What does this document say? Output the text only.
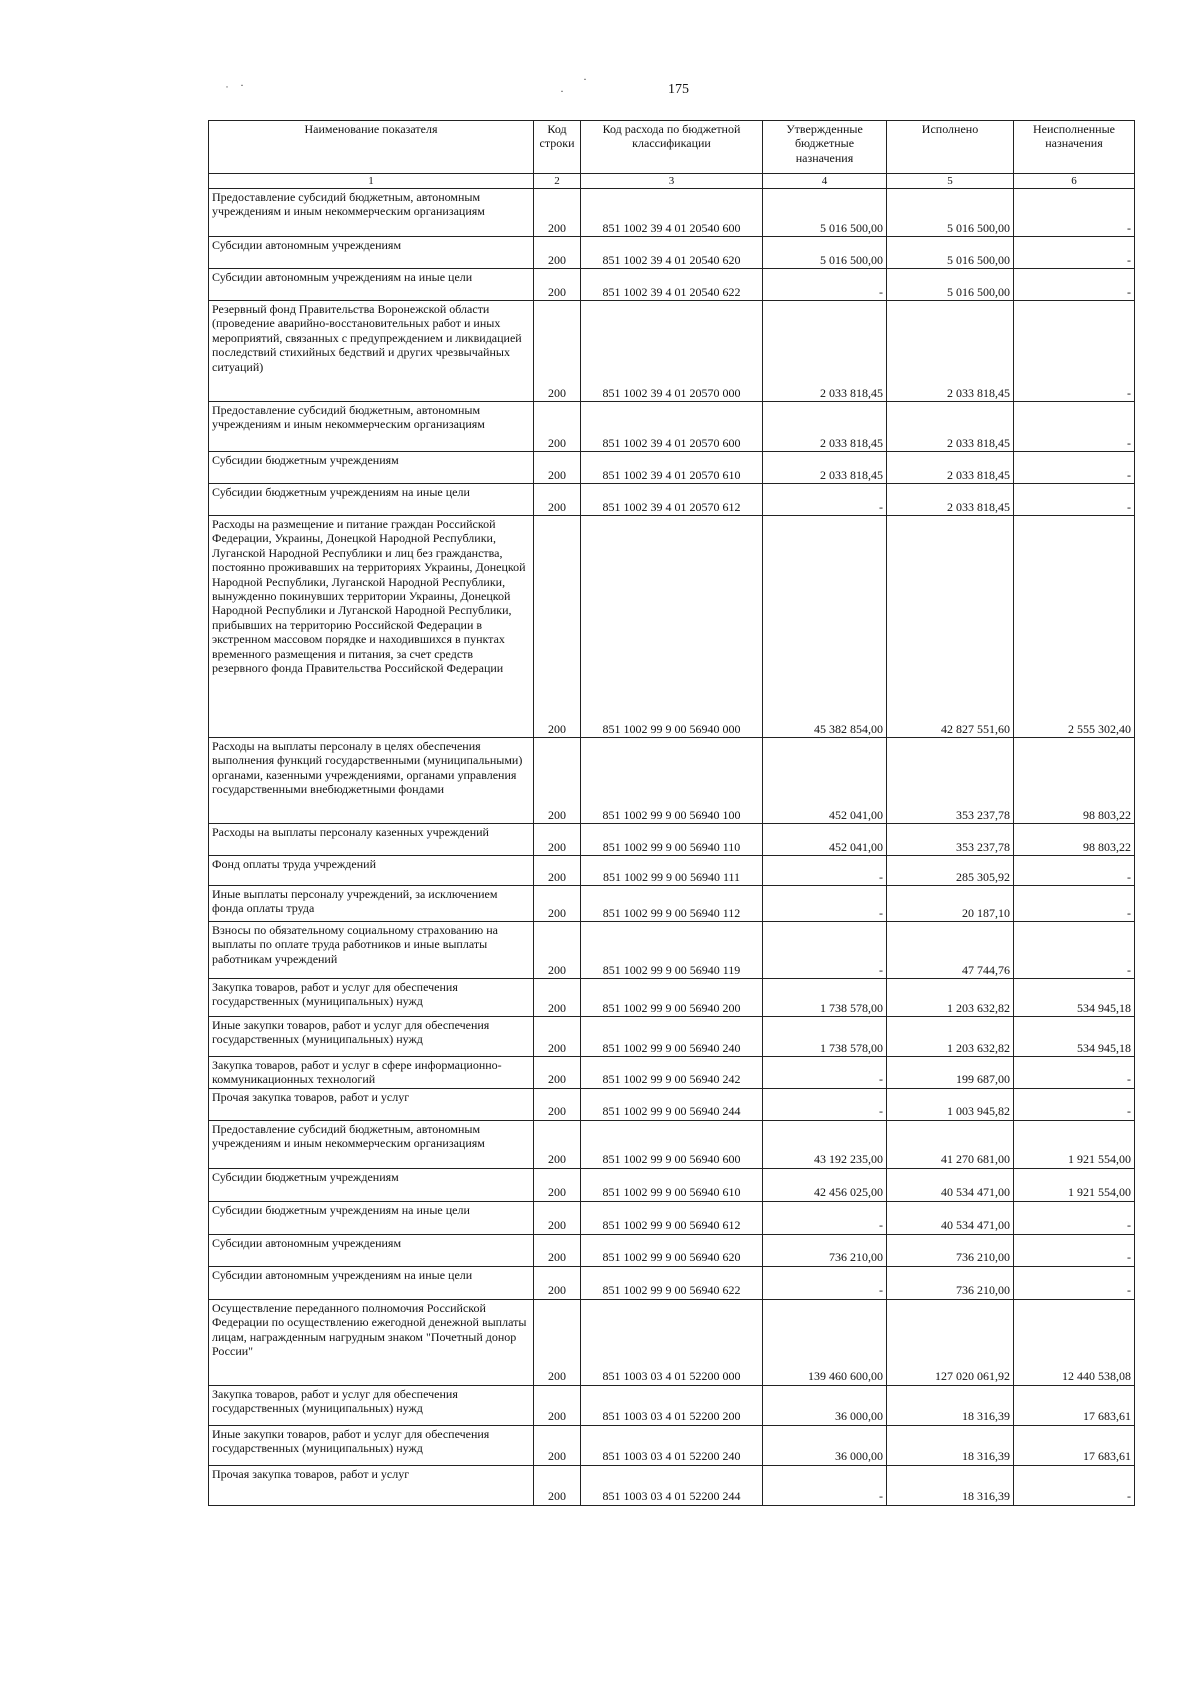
˙ ·	·
·
175
Наименование показателя	Код строки	Код расхода по бюджетной классификации	Утвержденные бюджетные назначения	Исполнено	Неисполненные назначения
1	2	3	4	5	6
Предоставление субсидий бюджетным, автономным учреждениям и иным некоммерческим организациям	200	851 1002 39 4 01 20540 600	5 016 500,00	5 016 500,00	-
Субсидии автономным учреждениям	200	851 1002 39 4 01 20540 620	5 016 500,00	5 016 500,00	-
Субсидии автономным учреждениям на иные цели	200	851 1002 39 4 01 20540 622	-	5 016 500,00	-
Резервный фонд Правительства Воронежской области (проведение аварийно-восстановительных работ и иных мероприятий, связанных с предупреждением и ликвидацией последствий стихийных бедствий и других чрезвычайных ситуаций)	200	851 1002 39 4 01 20570 000	2 033 818,45	2 033 818,45	-
Предоставление субсидий бюджетным, автономным учреждениям и иным некоммерческим организациям	200	851 1002 39 4 01 20570 600	2 033 818,45	2 033 818,45	-
Субсидии бюджетным учреждениям	200	851 1002 39 4 01 20570 610	2 033 818,45	2 033 818,45	-
Субсидии бюджетным учреждениям на иные цели	200	851 1002 39 4 01 20570 612	-	2 033 818,45	-
Расходы на размещение и питание граждан Российской Федерации, Украины, Донецкой Народной Республики, Луганской Народной Республики и лиц без гражданства, постоянно проживавших на территориях Украины, Донецкой Народной Республики, Луганской Народной Республики, вынужденно покинувших территории Украины, Донецкой Народной Республики и Луганской Народной Республики, прибывших на территорию Российской Федерации в экстренном массовом порядке и находившихся в пунктах временного размещения и питания, за счет средств резервного фонда Правительства Российской Федерации	200	851 1002 99 9 00 56940 000	45 382 854,00	42 827 551,60	2 555 302,40
Расходы на выплаты персоналу в целях обеспечения выполнения функций государственными (муниципальными) органами, казенными учреждениями, органами управления государственными внебюджетными фондами	200	851 1002 99 9 00 56940 100	452 041,00	353 237,78	98 803,22
Расходы на выплаты персоналу казенных учреждений	200	851 1002 99 9 00 56940 110	452 041,00	353 237,78	98 803,22
Фонд оплаты труда учреждений	200	851 1002 99 9 00 56940 111	-	285 305,92	-
Иные выплаты персоналу учреждений, за исключением фонда оплаты труда	200	851 1002 99 9 00 56940 112	-	20 187,10	-
Взносы по обязательному социальному страхованию на выплаты по оплате труда работников и иные выплаты работникам учреждений	200	851 1002 99 9 00 56940 119	-	47 744,76	-
Закупка товаров, работ и услуг для обеспечения государственных (муниципальных) нужд	200	851 1002 99 9 00 56940 200	1 738 578,00	1 203 632,82	534 945,18
Иные закупки товаров, работ и услуг для обеспечения государственных (муниципальных) нужд	200	851 1002 99 9 00 56940 240	1 738 578,00	1 203 632,82	534 945,18
Закупка товаров, работ и услуг в сфере информационно-коммуникационных технологий	200	851 1002 99 9 00 56940 242	-	199 687,00	-
Прочая закупка товаров, работ и услуг	200	851 1002 99 9 00 56940 244	-	1 003 945,82	-
Предоставление субсидий бюджетным, автономным учреждениям и иным некоммерческим организациям	200	851 1002 99 9 00 56940 600	43 192 235,00	41 270 681,00	1 921 554,00
Субсидии бюджетным учреждениям	200	851 1002 99 9 00 56940 610	42 456 025,00	40 534 471,00	1 921 554,00
Субсидии бюджетным учреждениям на иные цели	200	851 1002 99 9 00 56940 612	-	40 534 471,00	-
Субсидии автономным учреждениям	200	851 1002 99 9 00 56940 620	736 210,00	736 210,00	-
Субсидии автономным учреждениям на иные цели	200	851 1002 99 9 00 56940 622	-	736 210,00	-
Осуществление переданного полномочия Российской Федерации по осуществлению ежегодной денежной выплаты лицам, награжденным нагрудным знаком "Почетный донор России"	200	851 1003 03 4 01 52200 000	139 460 600,00	127 020 061,92	12 440 538,08
Закупка товаров, работ и услуг для обеспечения государственных (муниципальных) нужд	200	851 1003 03 4 01 52200 200	36 000,00	18 316,39	17 683,61
Иные закупки товаров, работ и услуг для обеспечения государственных (муниципальных) нужд	200	851 1003 03 4 01 52200 240	36 000,00	18 316,39	17 683,61
Прочая закупка товаров, работ и услуг	200	851 1003 03 4 01 52200 244	-	18 316,39	-
